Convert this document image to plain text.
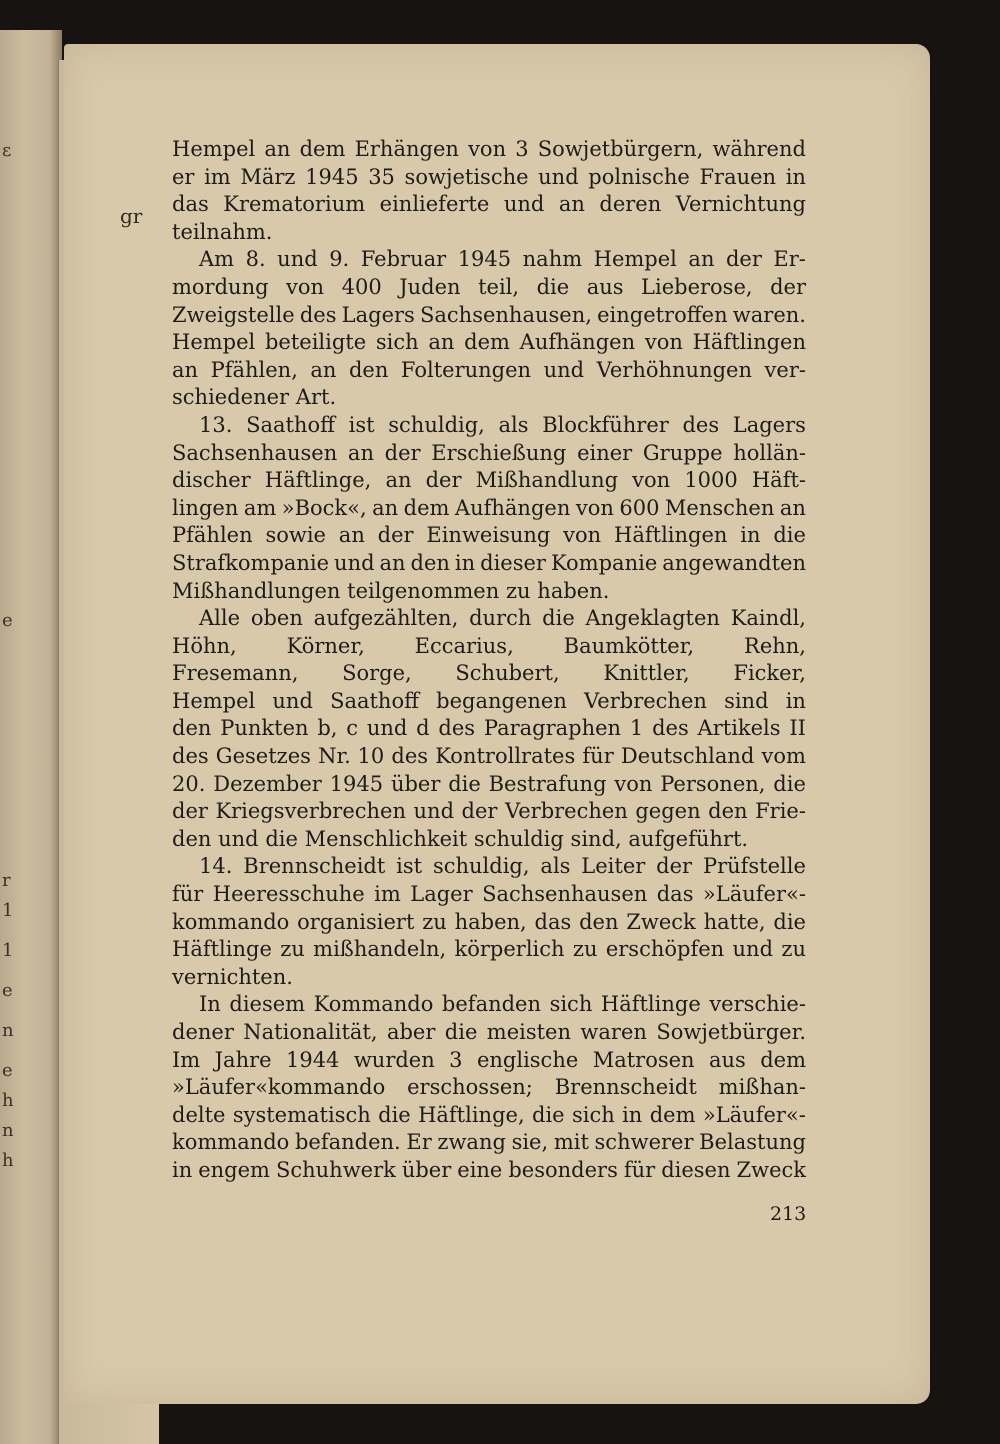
ε
e
r
1
1
e
n
e
h
n
h
gr
Hempel an dem Erhängen von 3 Sowjetbürgern, während
er im März 1945 35 sowjetische und polnische Frauen in
das Krematorium einlieferte und an deren Vernichtung
teilnahm.
Am 8. und 9. Februar 1945 nahm Hempel an der Er-
mordung von 400 Juden teil, die aus Lieberose, der
Zweigstelle des Lagers Sachsenhausen, eingetroffen waren.
Hempel beteiligte sich an dem Aufhängen von Häftlingen
an Pfählen, an den Folterungen und Verhöhnungen ver-
schiedener Art.
13. Saathoff ist schuldig, als Blockführer des Lagers
Sachsenhausen an der Erschießung einer Gruppe hollän-
discher Häftlinge, an der Mißhandlung von 1000 Häft-
lingen am »Bock«, an dem Aufhängen von 600 Menschen an
Pfählen sowie an der Einweisung von Häftlingen in die
Strafkompanie und an den in dieser Kompanie angewandten
Mißhandlungen teilgenommen zu haben.
Alle oben aufgezählten, durch die Angeklagten Kaindl,
Höhn, Körner, Eccarius, Baumkötter, Rehn,
Fresemann, Sorge, Schubert, Knittler, Ficker,
Hempel und Saathoff begangenen Verbrechen sind in
den Punkten b, c und d des Paragraphen 1 des Artikels II
des Gesetzes Nr. 10 des Kontrollrates für Deutschland vom
20. Dezember 1945 über die Bestrafung von Personen, die
der Kriegsverbrechen und der Verbrechen gegen den Frie-
den und die Menschlichkeit schuldig sind, aufgeführt.
14. Brennscheidt ist schuldig, als Leiter der Prüfstelle
für Heeresschuhe im Lager Sachsenhausen das »Läufer«-
kommando organisiert zu haben, das den Zweck hatte, die
Häftlinge zu mißhandeln, körperlich zu erschöpfen und zu
vernichten.
In diesem Kommando befanden sich Häftlinge verschie-
dener Nationalität, aber die meisten waren Sowjetbürger.
Im Jahre 1944 wurden 3 englische Matrosen aus dem
»Läufer«kommando erschossen; Brennscheidt mißhan-
delte systematisch die Häftlinge, die sich in dem »Läufer«-
kommando befanden. Er zwang sie, mit schwerer Belastung
in engem Schuhwerk über eine besonders für diesen Zweck
213
